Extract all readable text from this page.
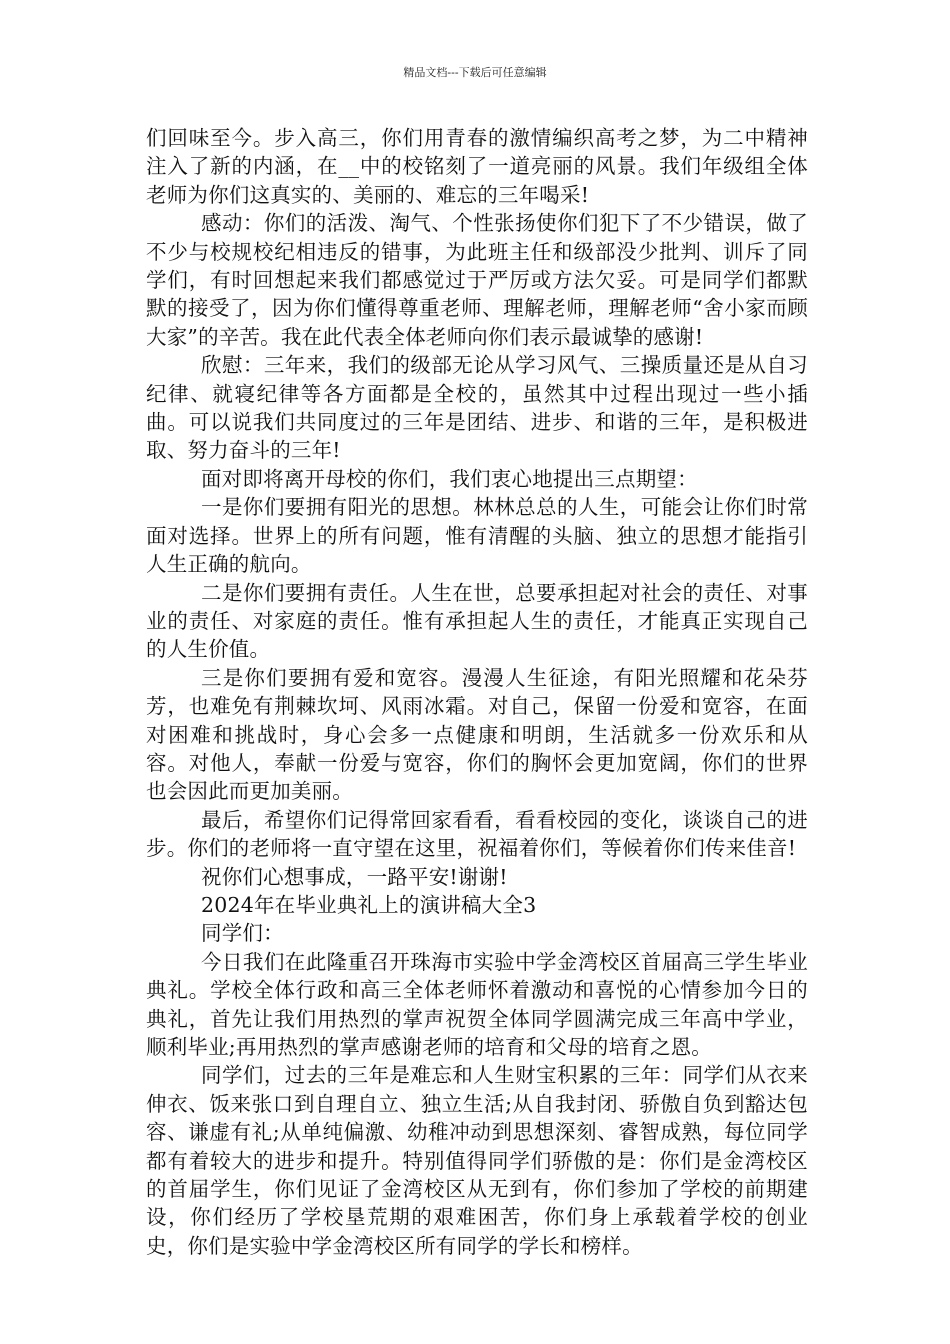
精品文档---下载后可任意编辑

们回味至今。步入高三，你们用青春的激情编织高考之梦，为二中精神注入了新的内涵，在__中的校铭刻了一道亮丽的风景。我们年级组全体老师为你们这真实的、美丽的、难忘的三年喝采!

感动：你们的活泼、淘气、个性张扬使你们犯下了不少错误，做了不少与校规校纪相违反的错事，为此班主任和级部没少批判、训斥了同学们，有时回想起来我们都感觉过于严厉或方法欠妥。可是同学们都默默的接受了，因为你们懂得尊重老师、理解老师，理解老师“舍小家而顾大家”的辛苦。我在此代表全体老师向你们表示最诚挚的感谢!

欣慰：三年来，我们的级部无论从学习风气、三操质量还是从自习纪律、就寝纪律等各方面都是全校的，虽然其中过程出现过一些小插曲。可以说我们共同度过的三年是团结、进步、和谐的三年，是积极进取、努力奋斗的三年!

面对即将离开母校的你们，我们衷心地提出三点期望：

一是你们要拥有阳光的思想。林林总总的人生，可能会让你们时常面对选择。世界上的所有问题，惟有清醒的头脑、独立的思想才能指引人生正确的航向。

二是你们要拥有责任。人生在世，总要承担起对社会的责任、对事业的责任、对家庭的责任。惟有承担起人生的责任，才能真正实现自己的人生价值。

三是你们要拥有爱和宽容。漫漫人生征途，有阳光照耀和花朵芬芳，也难免有荆棘坎坷、风雨冰霜。对自己，保留一份爱和宽容，在面对困难和挑战时，身心会多一点健康和明朗，生活就多一份欢乐和从容。对他人，奉献一份爱与宽容，你们的胸怀会更加宽阔，你们的世界也会因此而更加美丽。

最后，希望你们记得常回家看看，看看校园的变化，谈谈自己的进步。你们的老师将一直守望在这里，祝福着你们，等候着你们传来佳音!

祝你们心想事成，一路平安!谢谢!

2024年在毕业典礼上的演讲稿大全3

同学们：

今日我们在此隆重召开珠海市实验中学金湾校区首届高三学生毕业典礼。学校全体行政和高三全体老师怀着激动和喜悦的心情参加今日的典礼，首先让我们用热烈的掌声祝贺全体同学圆满完成三年高中学业，顺利毕业;再用热烈的掌声感谢老师的培育和父母的培育之恩。

同学们，过去的三年是难忘和人生财宝积累的三年：同学们从衣来伸衣、饭来张口到自理自立、独立生活;从自我封闭、骄傲自负到豁达包容、谦虚有礼;从单纯偏激、幼稚冲动到思想深刻、睿智成熟，每位同学都有着较大的进步和提升。特别值得同学们骄傲的是：你们是金湾校区的首届学生，你们见证了金湾校区从无到有，你们参加了学校的前期建设，你们经历了学校垦荒期的艰难困苦，你们身上承载着学校的创业史，你们是实验中学金湾校区所有同学的学长和榜样。
